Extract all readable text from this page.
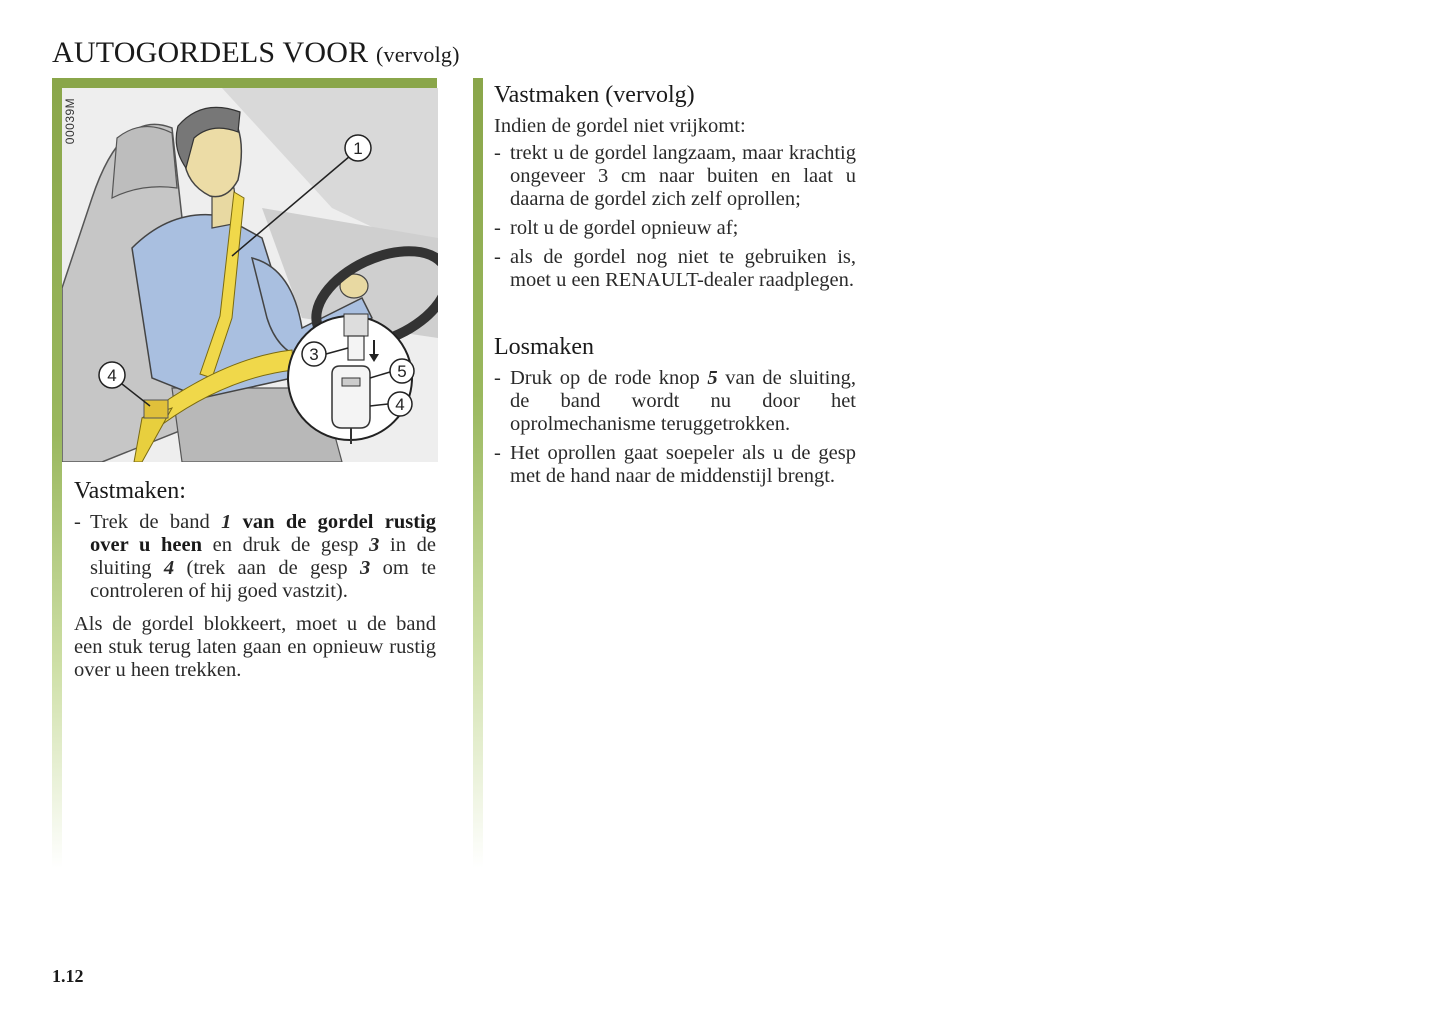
AUTOGORDELS VOOR (vervolg)
1
4
3
5
4
00039M
Vastmaken:
- Trek de band 1 van de gordel rustig over u heen en druk de gesp 3 in de sluiting 4 (trek aan de gesp 3 om te controleren of hij goed vastzit).

Als de gordel blokkeert, moet u de band een stuk terug laten gaan en opnieuw rustig over u heen trekken.

Vastmaken (vervolg)

Indien de gordel niet vrijkomt:

- trekt u de gordel langzaam, maar krachtig ongeveer 3 cm naar buiten en laat u daarna de gordel zich zelf oprollen;
- rolt u de gordel opnieuw af;
- als de gordel nog niet te gebruiken is, moet u een RENAULT-dealer raadplegen.
Losmaken
- Druk op de rode knop 5 van de sluiting, de band wordt nu door het oprolmechanisme teruggetrokken.
- Het oprollen gaat soepeler als u de gesp met de hand naar de middenstijl brengt.
1.12
